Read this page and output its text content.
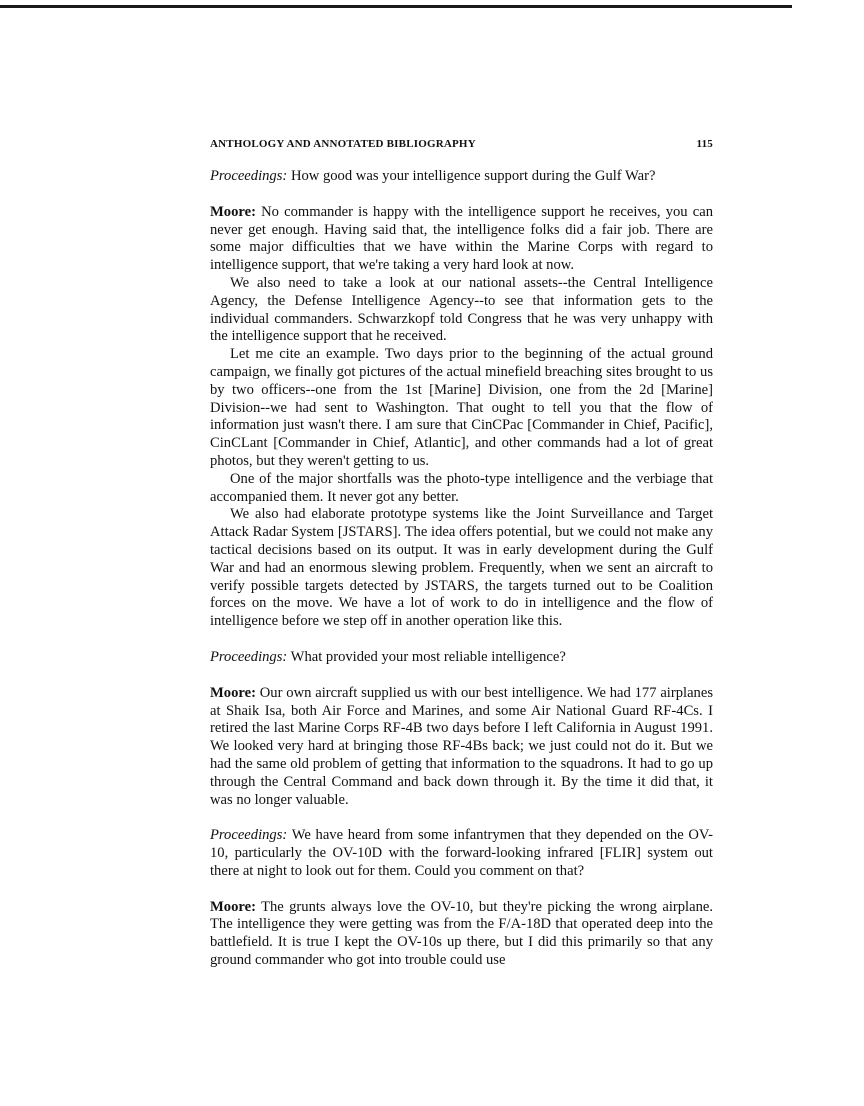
ANTHOLOGY AND ANNOTATED BIBLIOGRAPHY	115

Proceedings: How good was your intelligence support during the Gulf War?

Moore: No commander is happy with the intelligence support he receives, you can never get enough. Having said that, the intelligence folks did a fair job. There are some major difficulties that we have within the Marine Corps with regard to intelligence support, that we're taking a very hard look at now.

We also need to take a look at our national assets--the Central Intelligence Agency, the Defense Intelligence Agency--to see that information gets to the individual commanders. Schwarzkopf told Congress that he was very unhappy with the intelligence support that he received.

Let me cite an example. Two days prior to the beginning of the actual ground campaign, we finally got pictures of the actual minefield breaching sites brought to us by two officers--one from the 1st [Marine] Division, one from the 2d [Marine] Division--we had sent to Washington. That ought to tell you that the flow of information just wasn't there. I am sure that CinCPac [Commander in Chief, Pacific], CinCLant [Commander in Chief, Atlantic], and other commands had a lot of great photos, but they weren't getting to us.

One of the major shortfalls was the photo-type intelligence and the verbiage that accompanied them. It never got any better.

We also had elaborate prototype systems like the Joint Surveillance and Target Attack Radar System [JSTARS]. The idea offers potential, but we could not make any tactical decisions based on its output. It was in early development during the Gulf War and had an enormous slewing problem. Frequently, when we sent an aircraft to verify possible targets detected by JSTARS, the targets turned out to be Coalition forces on the move. We have a lot of work to do in intelligence and the flow of intelligence before we step off in another operation like this.

Proceedings: What provided your most reliable intelligence?

Moore: Our own aircraft supplied us with our best intelligence. We had 177 airplanes at Shaik Isa, both Air Force and Marines, and some Air National Guard RF-4Cs. I retired the last Marine Corps RF-4B two days before I left California in August 1991. We looked very hard at bringing those RF-4Bs back; we just could not do it. But we had the same old problem of getting that information to the squadrons. It had to go up through the Central Command and back down through it. By the time it did that, it was no longer valuable.

Proceedings: We have heard from some infantrymen that they depended on the OV-10, particularly the OV-10D with the forward-looking infrared [FLIR] system out there at night to look out for them. Could you comment on that?

Moore: The grunts always love the OV-10, but they're picking the wrong airplane. The intelligence they were getting was from the F/A-18D that operated deep into the battlefield. It is true I kept the OV-10s up there, but I did this primarily so that any ground commander who got into trouble could use
